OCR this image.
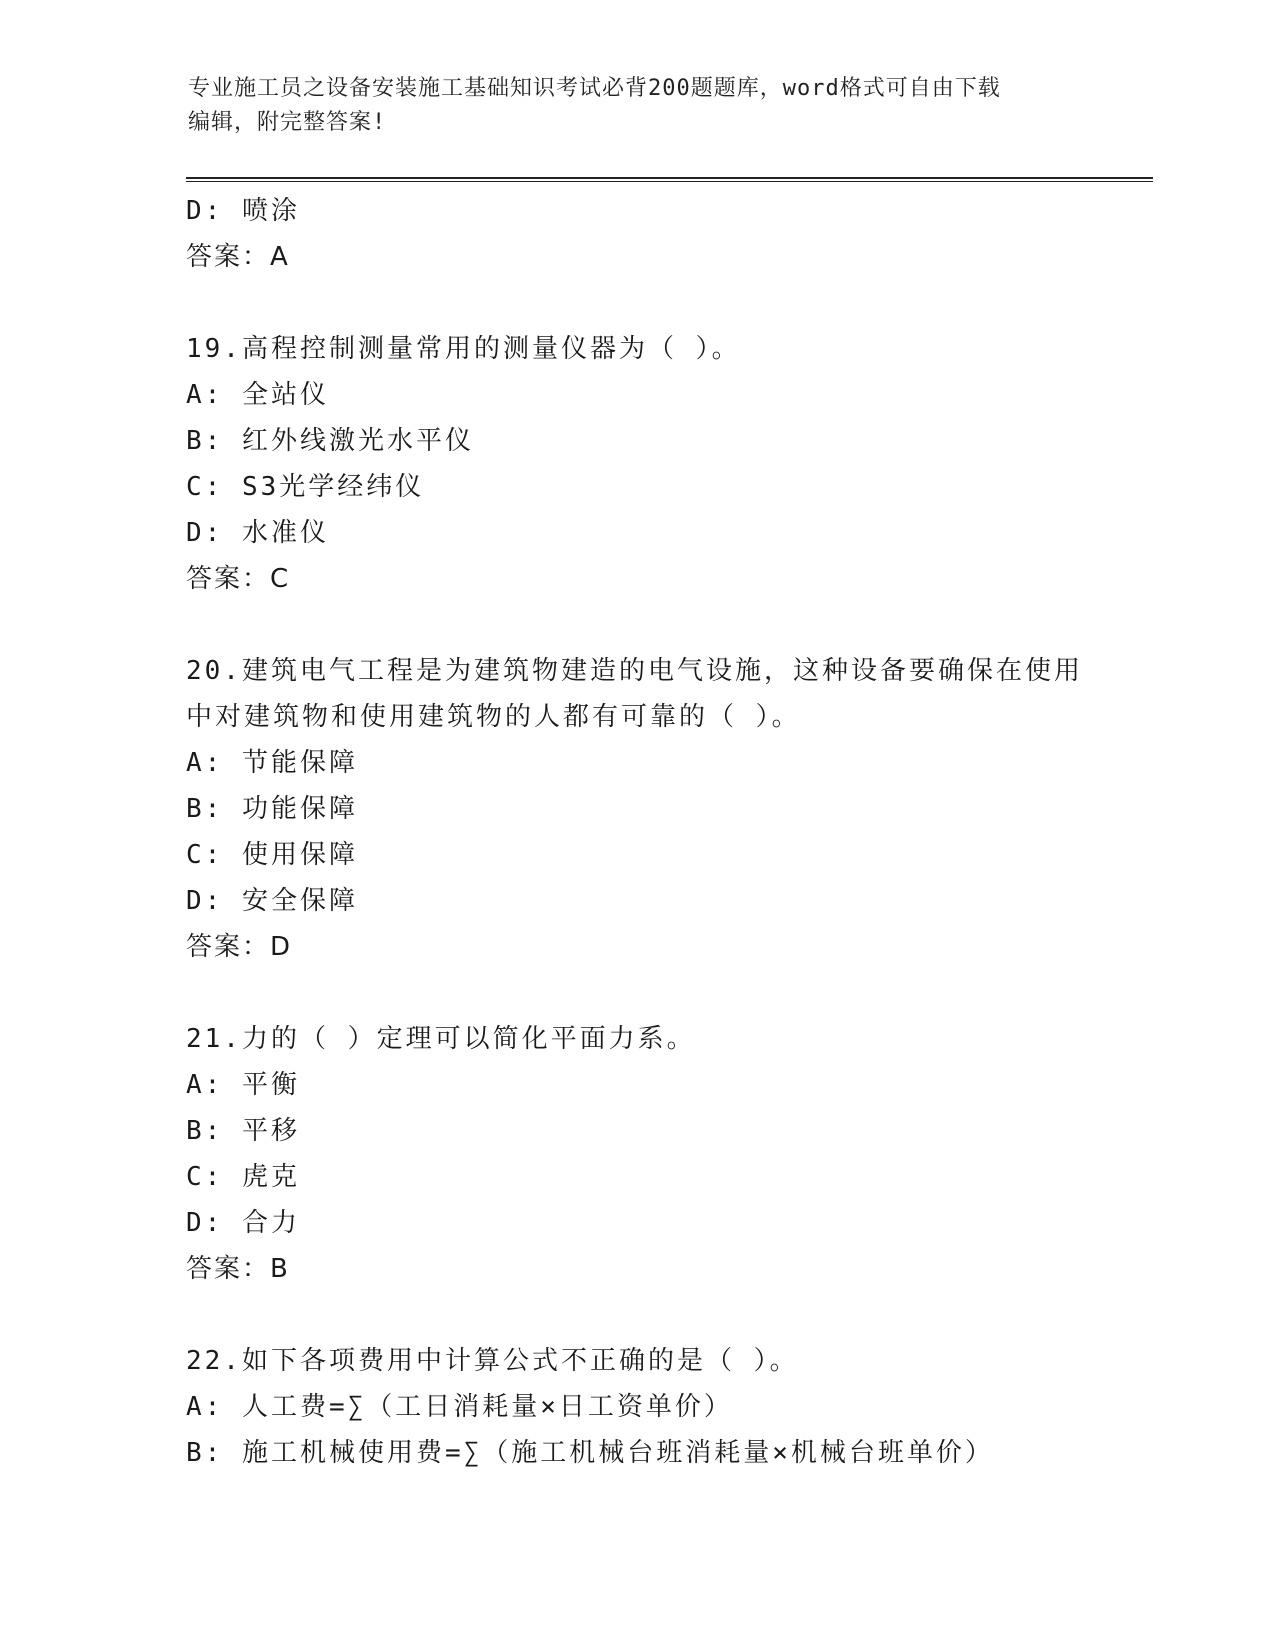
专业施工员之设备安装施工基础知识考试必背200题题库，word格式可自由下载
编辑，附完整答案!
D: 喷涂
答案：A
19.高程控制测量常用的测量仪器为（ ）。
A: 全站仪
B: 红外线激光水平仪
C: S3光学经纬仪
D: 水准仪
答案：C
20.建筑电气工程是为建筑物建造的电气设施，这种设备要确保在使用
中对建筑物和使用建筑物的人都有可靠的（ ）。
A: 节能保障
B: 功能保障
C: 使用保障
D: 安全保障
答案：D
21.力的（ ）定理可以简化平面力系。
A: 平衡
B: 平移
C: 虎克
D: 合力
答案：B
22.如下各项费用中计算公式不正确的是（ ）。
A: 人工费=∑（工日消耗量×日工资单价）
B: 施工机械使用费=∑（施工机械台班消耗量×机械台班单价）
